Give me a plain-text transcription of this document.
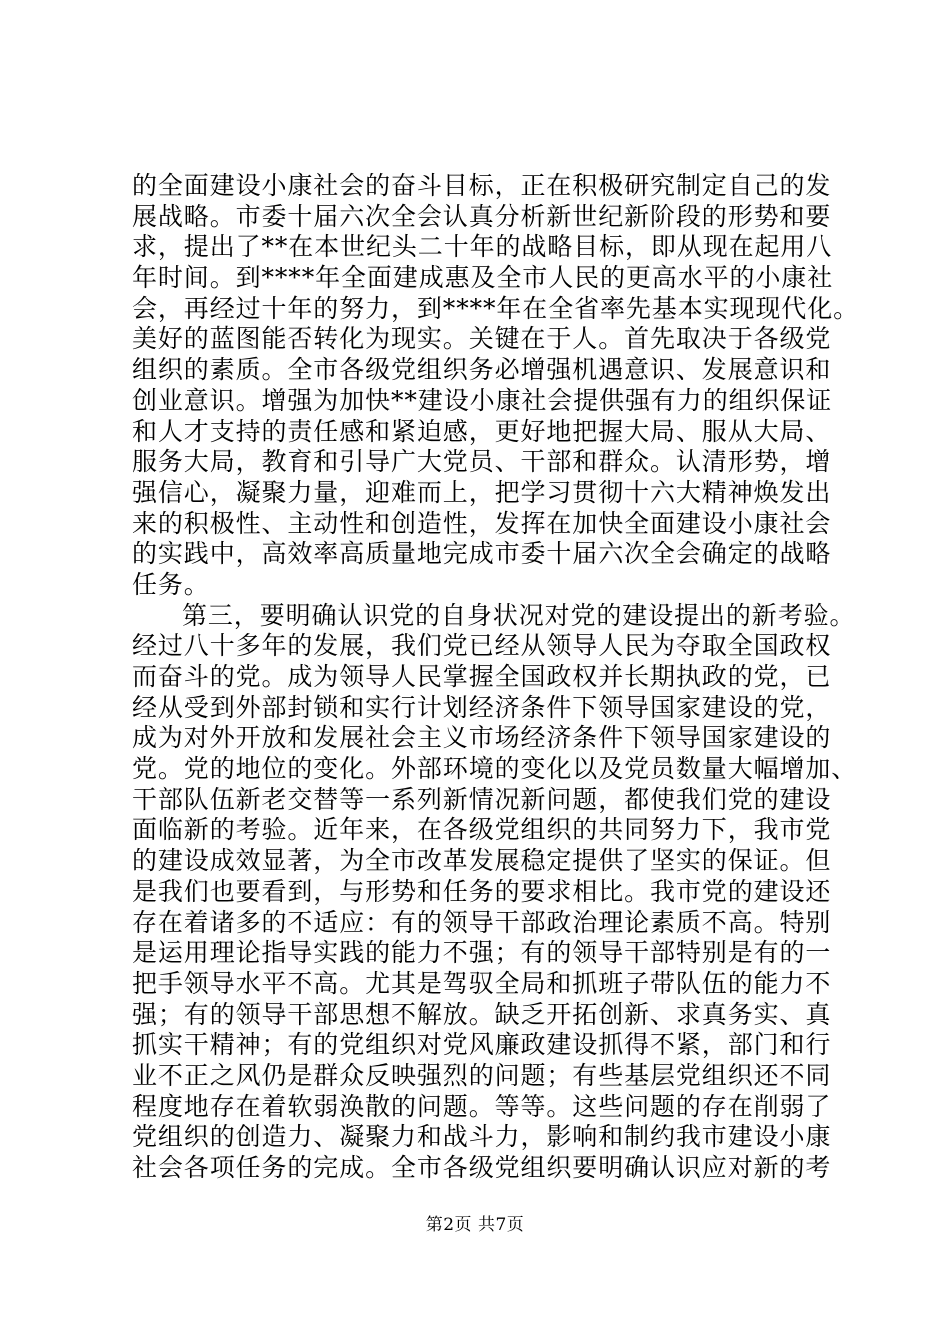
的全面建设小康社会的奋斗目标，正在积极研究制定自己的发
展战略。市委十届六次全会认真分析新世纪新阶段的形势和要
求，提出了**在本世纪头二十年的战略目标，即从现在起用八
年时间。到****年全面建成惠及全市人民的更高水平的小康社
会，再经过十年的努力，到****年在全省率先基本实现现代化。
美好的蓝图能否转化为现实。关键在于人。首先取决于各级党
组织的素质。全市各级党组织务必增强机遇意识、发展意识和
创业意识。增强为加快**建设小康社会提供强有力的组织保证
和人才支持的责任感和紧迫感，更好地把握大局、服从大局、
服务大局，教育和引导广大党员、干部和群众。认清形势，增
强信心，凝聚力量，迎难而上，把学习贯彻十六大精神焕发出
来的积极性、主动性和创造性，发挥在加快全面建设小康社会
的实践中，高效率高质量地完成市委十届六次全会确定的战略
任务。
第三，要明确认识党的自身状况对党的建设提出的新考验。
经过八十多年的发展，我们党已经从领导人民为夺取全国政权
而奋斗的党。成为领导人民掌握全国政权并长期执政的党，已
经从受到外部封锁和实行计划经济条件下领导国家建设的党，
成为对外开放和发展社会主义市场经济条件下领导国家建设的
党。党的地位的变化。外部环境的变化以及党员数量大幅增加、
干部队伍新老交替等一系列新情况新问题，都使我们党的建设
面临新的考验。近年来，在各级党组织的共同努力下，我市党
的建设成效显著，为全市改革发展稳定提供了坚实的保证。但
是我们也要看到，与形势和任务的要求相比。我市党的建设还
存在着诸多的不适应：有的领导干部政治理论素质不高。特别
是运用理论指导实践的能力不强；有的领导干部特别是有的一
把手领导水平不高。尤其是驾驭全局和抓班子带队伍的能力不
强；有的领导干部思想不解放。缺乏开拓创新、求真务实、真
抓实干精神；有的党组织对党风廉政建设抓得不紧，部门和行
业不正之风仍是群众反映强烈的问题；有些基层党组织还不同
程度地存在着软弱涣散的问题。等等。这些问题的存在削弱了
党组织的创造力、凝聚力和战斗力，影响和制约我市建设小康
社会各项任务的完成。全市各级党组织要明确认识应对新的考
第2页 共7页
